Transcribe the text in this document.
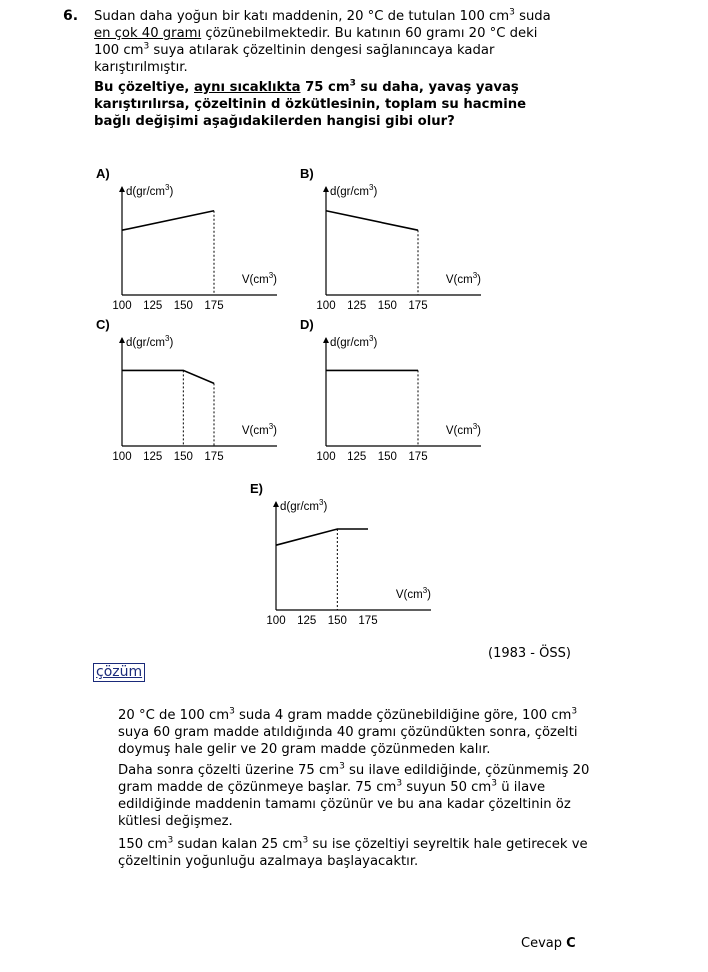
6. Sudan daha yoğun bir katı maddenin, 20 °C de tutulan 100 $cm^3$ suda en çok 40 gramı çözünebilmektedir. Bu katının 60 gramı 20 °C deki 100 $cm^3$ suya atılarak çözeltinin dengesi sağlanıncaya kadar karıştırılmıştır.

Bu çözeltiye, aynı sıcaklıkta 75 $cm^3$ su daha, yavaş yavaş karıştırılırsa, çözeltinin d özkütlesinin, toplam su hacmine bağlı değişimi aşağıdakilerden hangisi gibi olur?

A)
$d(gr/cm^3)$
$V(cm^3)$
100 125 150 175
B)
$d(gr/cm^3)$
$V(cm^3)$
100 125 150 175
C)
$d(gr/cm^3)$
$V(cm^3)$
100 125 150 175
D)
$d(gr/cm^3)$
$V(cm^3)$
100 125 150 175
E)
$d(gr/cm^3)$
$V(cm^3)$
100 125 150 175
(1983 - ÖSS)
çözüm

20 °C de 100 $cm^3$ suda 4 gram madde çözünebildiğine göre, 100 $cm^3$ suya 60 gram madde atıldığında 40 gramı çözündükten sonra, çözelti doymuş hale gelir ve 20 gram madde çözünmeden kalır.

Daha sonra çözelti üzerine 75 $cm^3$ su ilave edildiğinde, çözünmemiş 20 gram madde de çözünmeye başlar. 75 $cm^3$ suyun 50 $cm^3$ ü ilave edildiğinde maddenin tamamı çözünür ve bu ana kadar çözeltinin öz kütlesi değişmez.

150 $cm^3$ sudan kalan 25 $cm^3$ su ise çözeltiyi seyreltik hale getirecek ve çözeltinin yoğunluğu azalmaya başlayacaktır.

Cevap C
